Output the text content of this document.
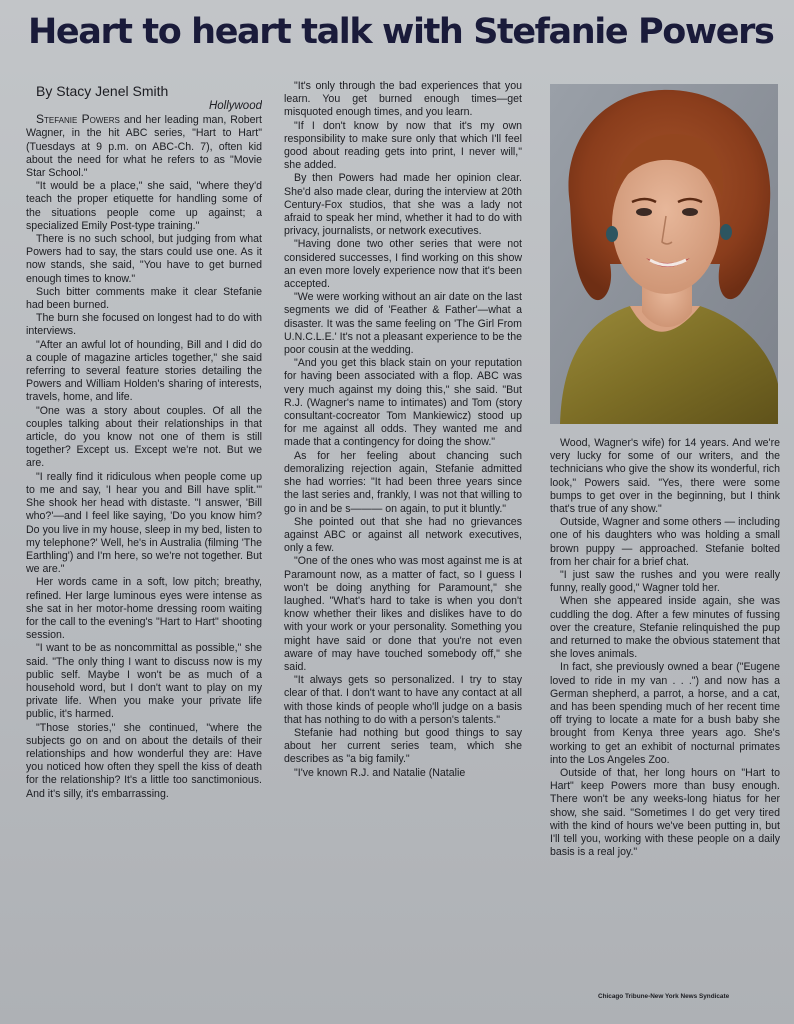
Heart to heart talk with Stefanie Powers

By Stacy Jenel Smith

Hollywood

Stefanie Powers and her leading man, Robert Wagner, in the hit ABC series, "Hart to Hart" (Tuesdays at 9 p.m. on ABC-Ch. 7), often kid about the need for what he refers to as "Movie Star School."

"It would be a place," she said, "where they'd teach the proper etiquette for handling some of the situations people come up against; a specialized Emily Post-type training."

There is no such school, but judging from what Powers had to say, the stars could use one. As it now stands, she said, "You have to get burned enough times to know."

Such bitter comments make it clear Stefanie had been burned.

The burn she focused on longest had to do with interviews.

"After an awful lot of hounding, Bill and I did do a couple of magazine articles together," she said referring to several feature stories detailing the Powers and William Holden's sharing of interests, travels, home, and life.

"One was a story about couples. Of all the couples talking about their relationships in that article, do you know not one of them is still together? Except us. Except we're not. But we are.

"I really find it ridiculous when people come up to me and say, 'I hear you and Bill have split.'" She shook her head with distaste. "I answer, 'Bill who?'—and I feel like saying, 'Do you know him? Do you live in my house, sleep in my bed, listen to my telephone?' Well, he's in Australia (filming 'The Earthling') and I'm here, so we're not together. But we are."

Her words came in a soft, low pitch; breathy, refined. Her large luminous eyes were intense as she sat in her motor-home dressing room waiting for the call to the evening's "Hart to Hart" shooting session.

"I want to be as noncommittal as possible," she said. "The only thing I want to discuss now is my public self. Maybe I won't be as much of a household word, but I don't want to play on my private life. When you make your private life public, it's harmed.

"Those stories," she continued, "where the subjects go on and on about the details of their relationships and how wonderful they are: Have you noticed how often they spell the kiss of death for the relationship? It's a little too sanctimonious. And it's silly, it's embarrassing.

"It's only through the bad experiences that you learn. You get burned enough times—get misquoted enough times, and you learn.

"If I don't know by now that it's my own responsibility to make sure only that which I'll feel good about reading gets into print, I never will," she added.

By then Powers had made her opinion clear. She'd also made clear, during the interview at 20th Century-Fox studios, that she was a lady not afraid to speak her mind, whether it had to do with privacy, journalists, or network executives.

"Having done two other series that were not considered successes, I find working on this show an even more lovely experience now that it's been accepted.

"We were working without an air date on the last segments we did of 'Feather & Father'—what a disaster. It was the same feeling on 'The Girl From U.N.C.L.E.' It's not a pleasant experience to be the poor cousin at the wedding.

"And you get this black stain on your reputation for having been associated with a flop. ABC was very much against my doing this," she said. "But R.J. (Wagner's name to intimates) and Tom (story consultant-cocreator Tom Mankiewicz) stood up for me against all odds. They wanted me and made that a contingency for doing the show."

As for her feeling about chancing such demoralizing rejection again, Stefanie admitted she had worries: "It had been three years since the last series and, frankly, I was not that willing to go in and be s——— on again, to put it bluntly."

She pointed out that she had no grievances against ABC or against all network executives, only a few.

"One of the ones who was most against me is at Paramount now, as a matter of fact, so I guess I won't be doing anything for Paramount," she laughed. "What's hard to take is when you don't know whether their likes and dislikes have to do with your work or your personality. Something you might have said or done that you're not even aware of may have touched somebody off," she said.

"It always gets so personalized. I try to stay clear of that. I don't want to have any contact at all with those kinds of people who'll judge on a basis that has nothing to do with a person's talents."

Stefanie had nothing but good things to say about her current series team, which she describes as "a big family."

"I've known R.J. and Natalie (Natalie

Wood, Wagner's wife) for 14 years. And we're very lucky for some of our writers, and the technicians who give the show its wonderful, rich look," Powers said. "Yes, there were some bumps to get over in the beginning, but I think that's true of any show."

Outside, Wagner and some others — including one of his daughters who was holding a small brown puppy — approached. Stefanie bolted from her chair for a brief chat.

"I just saw the rushes and you were really funny, really good," Wagner told her.

When she appeared inside again, she was cuddling the dog. After a few minutes of fussing over the creature, Stefanie relinquished the pup and returned to make the obvious statement that she loves animals.

In fact, she previously owned a bear ("Eugene loved to ride in my van . . .") and now has a German shepherd, a parrot, a horse, and a cat, and has been spending much of her recent time off trying to locate a mate for a bush baby she brought from Kenya three years ago. She's working to get an exhibit of nocturnal primates into the Los Angeles Zoo.

Outside of that, her long hours on "Hart to Hart" keep Powers more than busy enough. There won't be any weeks-long hiatus for her show, she said. "Sometimes I do get very tired with the kind of hours we've been putting in, but I'll tell you, working with these people on a daily basis is a real joy."

Chicago Tribune-New York News Syndicate
